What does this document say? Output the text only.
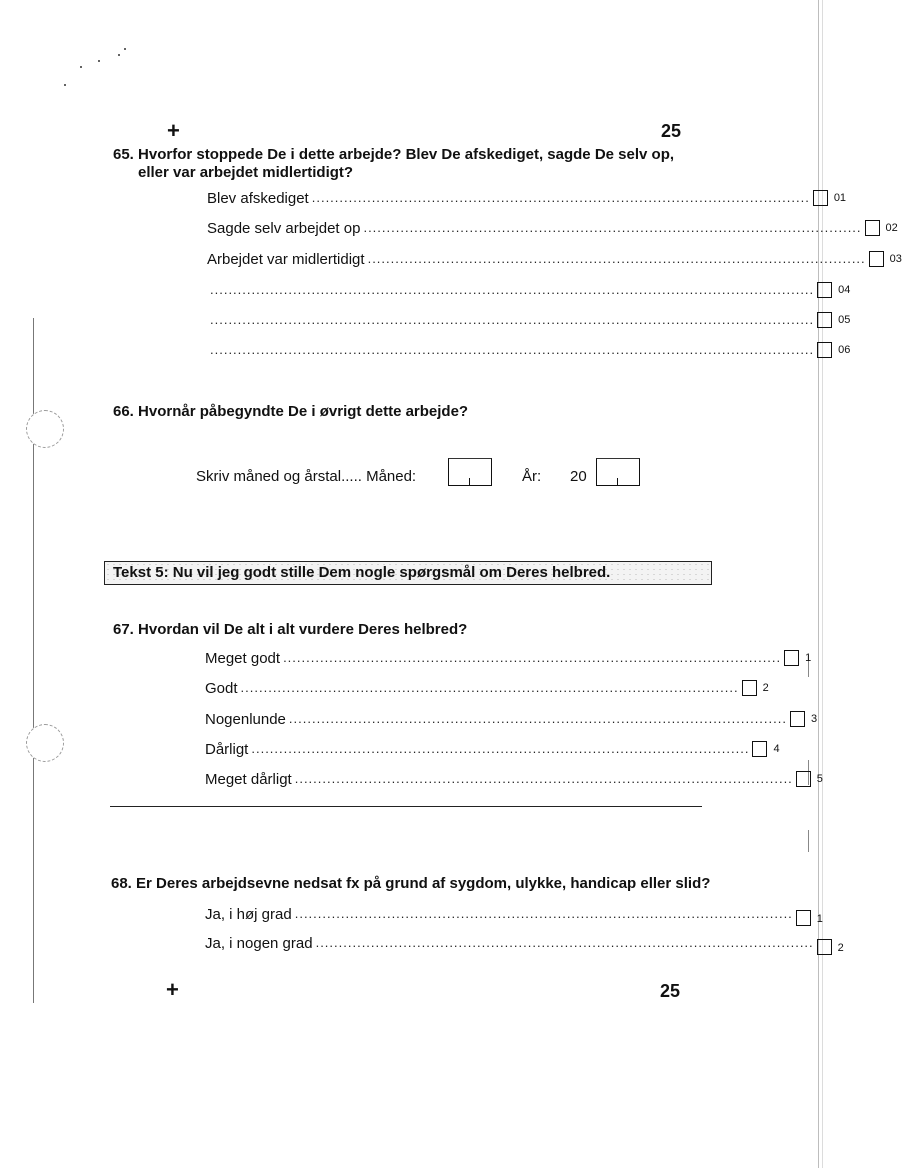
+	25
65. Hvorfor stoppede De i dette arbejde? Blev De afskediget, sagde De selv op,
eller var arbejdet midlertidigt?
Blev afskediget ............................................................................................................ 01
Sagde selv arbejdet op ............................................................................................................ 02
Arbejdet var midlertidigt ............................................................................................................ 03
................................................................................................................................... 04
................................................................................................................................... 05
................................................................................................................................... 06
66. Hvornår påbegyndte De i øvrigt dette arbejde?
Skriv måned og årstal..... Måned:	År: 20
Tekst 5: Nu vil jeg godt stille Dem nogle spørgsmål om Deres helbred.
67. Hvordan vil De alt i alt vurdere Deres helbred?
Meget godt ............................................................................................................ 1
Godt ............................................................................................................ 2
Nogenlunde ............................................................................................................ 3
Dårligt ............................................................................................................ 4
Meget dårligt ............................................................................................................ 5
68. Er Deres arbejdsevne nedsat fx på grund af sygdom, ulykke, handicap eller slid?
Ja, i høj grad ............................................................................................................ 1
Ja, i nogen grad ............................................................................................................ 2
+	25
